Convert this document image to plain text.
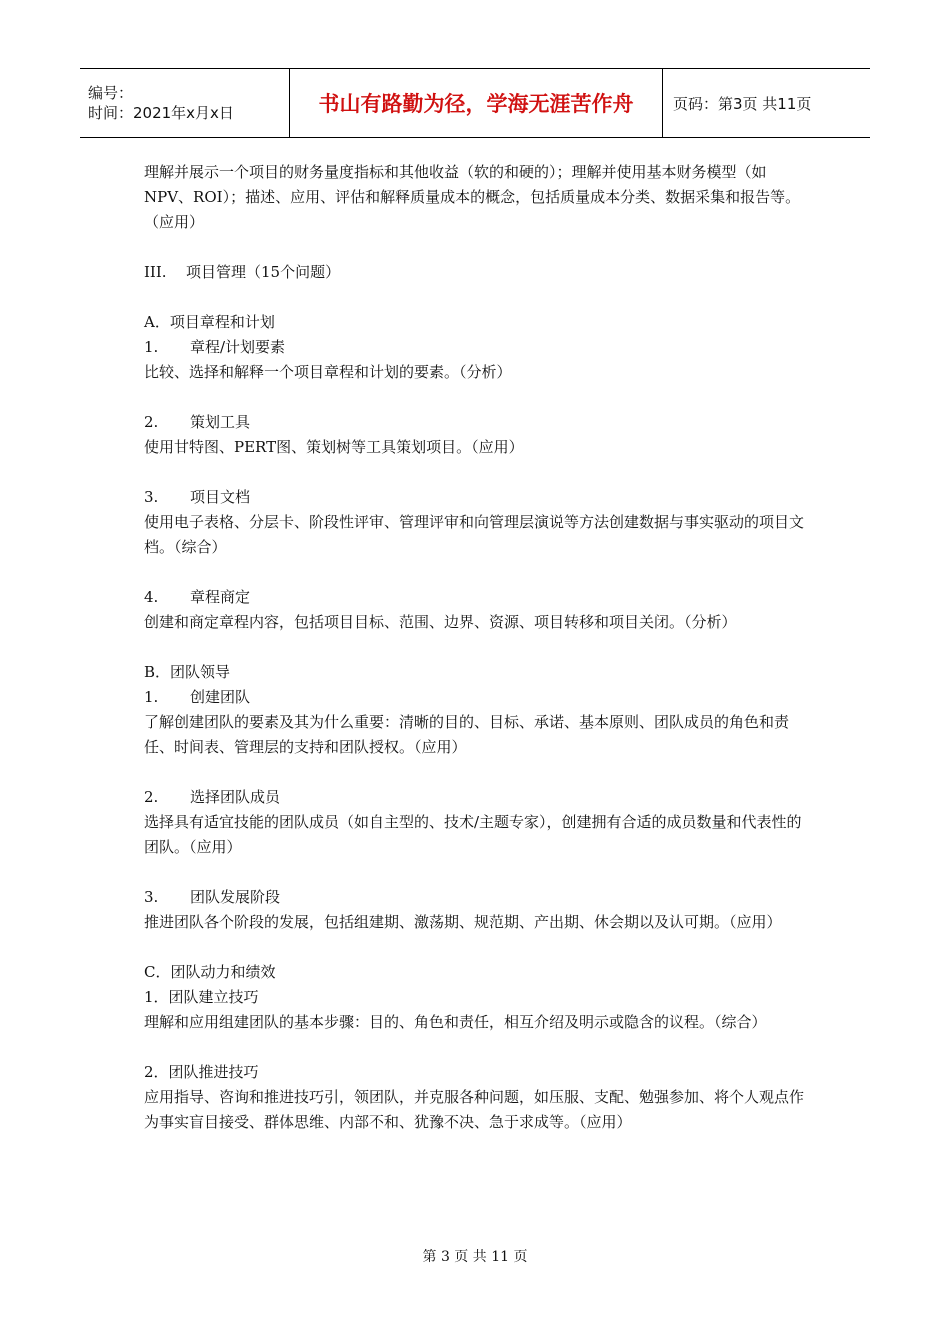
编号：
时间：2021年x月x日	书山有路勤为径，学海无涯苦作舟	页码：第3页 共11页

理解并展示一个项目的财务量度指标和其他收益（软的和硬的）；理解并使用基本财务模型（如NPV、ROI）；描述、应用、评估和解释质量成本的概念，包括质量成本分类、数据采集和报告等。（应用）

III. 项目管理（15个问题）

A．项目章程和计划

1. 章程/计划要素

比较、选择和解释一个项目章程和计划的要素。（分析）

2. 策划工具

使用甘特图、PERT图、策划树等工具策划项目。（应用）

3. 项目文档

使用电子表格、分层卡、阶段性评审、管理评审和向管理层演说等方法创建数据与事实驱动的项目文档。（综合）

4. 章程商定

创建和商定章程内容，包括项目目标、范围、边界、资源、项目转移和项目关闭。（分析）

B．团队领导

1. 创建团队

了解创建团队的要素及其为什么重要：清晰的目的、目标、承诺、基本原则、团队成员的角色和责任、时间表、管理层的支持和团队授权。（应用）

2. 选择团队成员

选择具有适宜技能的团队成员（如自主型的、技术/主题专家），创建拥有合适的成员数量和代表性的团队。（应用）

3. 团队发展阶段

推进团队各个阶段的发展，包括组建期、激荡期、规范期、产出期、休会期以及认可期。（应用）

C．团队动力和绩效

1．团队建立技巧

理解和应用组建团队的基本步骤：目的、角色和责任，相互介绍及明示或隐含的议程。（综合）

2．团队推进技巧

应用指导、咨询和推进技巧引，领团队，并克服各种问题，如压服、支配、勉强参加、将个人观点作为事实盲目接受、群体思维、内部不和、犹豫不决、急于求成等。（应用）

第 3 页 共 11 页
